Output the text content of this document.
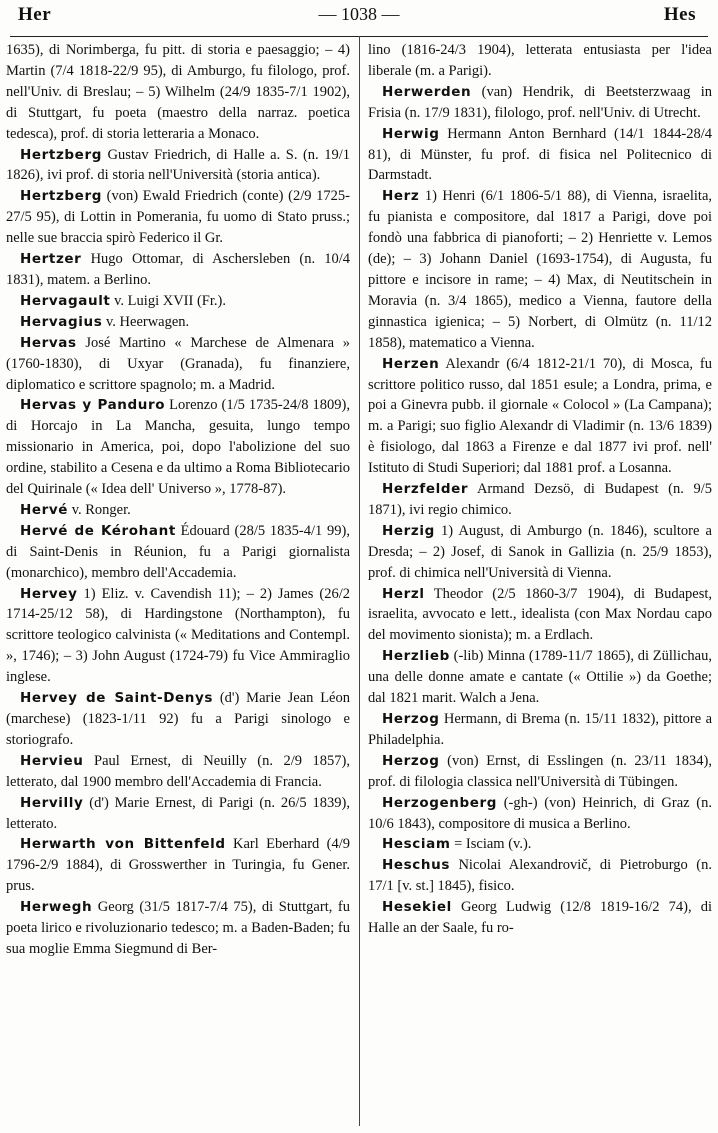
Her	— 1038 —	Hes

1635), di Norimberga, fu pitt. di storia e paesaggio; – 4) Martin (7/4 1818-22/9 95), di Amburgo, fu filologo, prof. nell'Univ. di Breslau; – 5) Wilhelm (24/9 1835-7/1 1902), di Stuttgart, fu poeta (maestro della narraz. poetica tedesca), prof. di storia letteraria a Monaco.

Hertzberg Gustav Friedrich, di Halle a. S. (n. 19/1 1826), ivi prof. di storia nell'Università (storia antica).

Hertzberg (von) Ewald Friedrich (conte) (2/9 1725-27/5 95), di Lottin in Pomerania, fu uomo di Stato pruss.; nelle sue braccia spirò Federico il Gr.

Hertzer Hugo Ottomar, di Aschersleben (n. 10/4 1831), matem. a Berlino.

Hervagault v. Luigi XVII (Fr.).

Hervagius v. Heerwagen.

Hervas José Martino « Marchese de Almenara » (1760-1830), di Uxyar (Granada), fu finanziere, diplomatico e scrittore spagnolo; m. a Madrid.

Hervas y Panduro Lorenzo (1/5 1735-24/8 1809), di Horcajo in La Mancha, gesuita, lungo tempo missionario in America, poi, dopo l'abolizione del suo ordine, stabilito a Cesena e da ultimo a Roma Bibliotecario del Quirinale (« Idea dell' Universo », 1778-87).

Hervé v. Ronger.

Hervé de Kérohant Édouard (28/5 1835-4/1 99), di Saint-Denis in Réunion, fu a Parigi giornalista (monarchico), membro dell'Accademia.

Hervey 1) Eliz. v. Cavendish 11); – 2) James (26/2 1714-25/12 58), di Hardingstone (Northampton), fu scrittore teologico calvinista (« Meditations and Contempl. », 1746); – 3) John August (1724-79) fu Vice Ammiraglio inglese.

Hervey de Saint-Denys (d') Marie Jean Léon (marchese) (1823-1/11 92) fu a Parigi sinologo e storiografo.

Hervieu Paul Ernest, di Neuilly (n. 2/9 1857), letterato, dal 1900 membro dell'Accademia di Francia.

Hervilly (d') Marie Ernest, di Parigi (n. 26/5 1839), letterato.

Herwarth von Bittenfeld Karl Eberhard (4/9 1796-2/9 1884), di Grosswerther in Turingia, fu Gener. prus.

Herwegh Georg (31/5 1817-7/4 75), di Stuttgart, fu poeta lirico e rivoluzionario tedesco; m. a Baden-Baden; fu sua moglie Emma Siegmund di Ber-

lino (1816-24/3 1904), letterata entusiasta per l'idea liberale (m. a Parigi).

Herwerden (van) Hendrik, di Beetsterzwaag in Frisia (n. 17/9 1831), filologo, prof. nell'Univ. di Utrecht.

Herwig Hermann Anton Bernhard (14/1 1844-28/4 81), di Münster, fu prof. di fisica nel Politecnico di Darmstadt.

Herz 1) Henri (6/1 1806-5/1 88), di Vienna, israelita, fu pianista e compositore, dal 1817 a Parigi, dove poi fondò una fabbrica di pianoforti; – 2) Henriette v. Lemos (de); – 3) Johann Daniel (1693-1754), di Augusta, fu pittore e incisore in rame; – 4) Max, di Neutitschein in Moravia (n. 3/4 1865), medico a Vienna, fautore della ginnastica igienica; – 5) Norbert, di Olmütz (n. 11/12 1858), matematico a Vienna.

Herzen Alexandr (6/4 1812-21/1 70), di Mosca, fu scrittore politico russo, dal 1851 esule; a Londra, prima, e poi a Ginevra pubb. il giornale « Colocol » (La Campana); m. a Parigi; suo figlio Alexandr di Vladimir (n. 13/6 1839) è fisiologo, dal 1863 a Firenze e dal 1877 ivi prof. nell' Istituto di Studi Superiori; dal 1881 prof. a Losanna.

Herzfelder Armand Dezsö, di Budapest (n. 9/5 1871), ivi regio chimico.

Herzig 1) August, di Amburgo (n. 1846), scultore a Dresda; – 2) Josef, di Sanok in Gallizia (n. 25/9 1853), prof. di chimica nell'Università di Vienna.

Herzl Theodor (2/5 1860-3/7 1904), di Budapest, israelita, avvocato e lett., idealista (con Max Nordau capo del movimento sionista); m. a Erdlach.

Herzlieb (-lib) Minna (1789-11/7 1865), di Züllichau, una delle donne amate e cantate (« Ottilie ») da Goethe; dal 1821 marit. Walch a Jena.

Herzog Hermann, di Brema (n. 15/11 1832), pittore a Philadelphia.

Herzog (von) Ernst, di Esslingen (n. 23/11 1834), prof. di filologia classica nell'Università di Tübingen.

Herzogenberg (-gh-) (von) Heinrich, di Graz (n. 10/6 1843), compositore di musica a Berlino.

Hesciam = Isciam (v.).

Heschus Nicolai Alexandrovič, di Pietroburgo (n. 17/1 [v. st.] 1845), fisico.

Hesekiel Georg Ludwig (12/8 1819-16/2 74), di Halle an der Saale, fu ro-
